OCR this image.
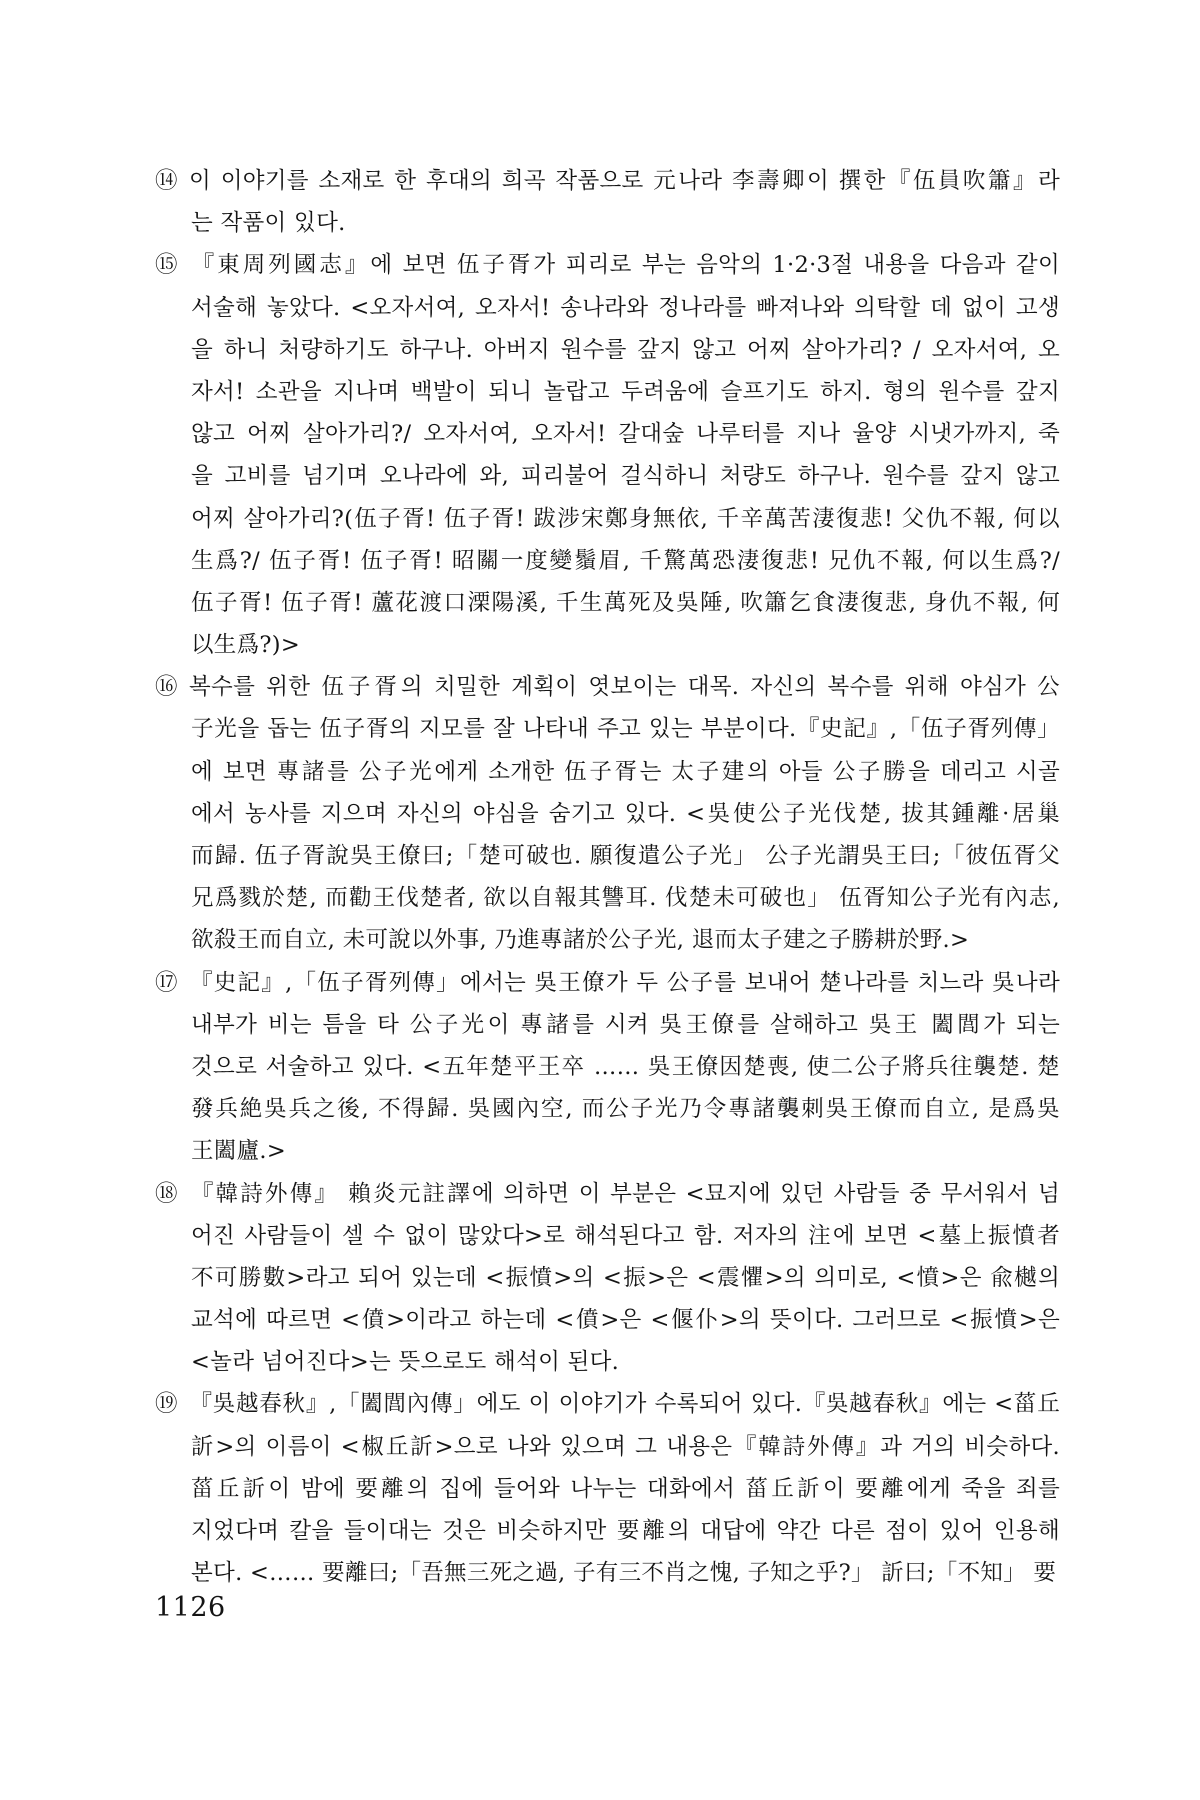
⑭ 이 이야기를 소재로 한 후대의 희곡 작품으로 元나라 李壽卿이 撰한『伍員吹簫』라
는 작품이 있다.
⑮ 『東周列國志』에 보면 伍子胥가 피리로 부는 음악의 1·2·3절 내용을 다음과 같이
서술해 놓았다. <오자서여, 오자서! 송나라와 정나라를 빠져나와 의탁할 데 없이 고생
을 하니 처량하기도 하구나. 아버지 원수를 갚지 않고 어찌 살아가리? / 오자서여, 오
자서! 소관을 지나며 백발이 되니 놀랍고 두려움에 슬프기도 하지. 형의 원수를 갚지
않고 어찌 살아가리?/ 오자서여, 오자서! 갈대숲 나루터를 지나 율양 시냇가까지, 죽
을 고비를 넘기며 오나라에 와, 피리불어 걸식하니 처량도 하구나. 원수를 갚지 않고
어찌 살아가리?(伍子胥! 伍子胥! 跋涉宋鄭身無依, 千辛萬苦淒復悲! 父仇不報, 何以
生爲?/ 伍子胥! 伍子胥! 昭關一度變鬚眉, 千驚萬恐淒復悲! 兄仇不報, 何以生爲?/
伍子胥! 伍子胥! 蘆花渡口溧陽溪, 千生萬死及吳陲, 吹簫乞食淒復悲, 身仇不報, 何
以生爲?)>
⑯ 복수를 위한 伍子胥의 치밀한 계획이 엿보이는 대목. 자신의 복수를 위해 야심가 公
子光을 돕는 伍子胥의 지모를 잘 나타내 주고 있는 부분이다.『史記』,「伍子胥列傳」
에 보면 專諸를 公子光에게 소개한 伍子胥는 太子建의 아들 公子勝을 데리고 시골
에서 농사를 지으며 자신의 야심을 숨기고 있다. <吳使公子光伐楚, 拔其鍾離·居巢
而歸. 伍子胥說吳王僚曰;「楚可破也. 願復遣公子光」 公子光謂吳王曰;「彼伍胥父
兄爲戮於楚, 而勸王伐楚者, 欲以自報其讐耳. 伐楚未可破也」 伍胥知公子光有內志,
欲殺王而自立, 未可說以外事, 乃進專諸於公子光, 退而太子建之子勝耕於野.>
⑰ 『史記』,「伍子胥列傳」에서는 吳王僚가 두 公子를 보내어 楚나라를 치느라 吳나라
내부가 비는 틈을 타 公子光이 專諸를 시켜 吳王僚를 살해하고 吳王 闔閭가 되는
것으로 서술하고 있다. <五年楚平王卒 …… 吳王僚因楚喪, 使二公子將兵往襲楚. 楚
發兵絶吳兵之後, 不得歸. 吳國內空, 而公子光乃令專諸襲刺吳王僚而自立, 是爲吳
王闔廬.>
⑱ 『韓詩外傳』 賴炎元註譯에 의하면 이 부분은 <묘지에 있던 사람들 중 무서워서 넘
어진 사람들이 셀 수 없이 많았다>로 해석된다고 함. 저자의 注에 보면 <墓上振憤者
不可勝數>라고 되어 있는데 <振憤>의 <振>은 <震懼>의 의미로, <憤>은 兪樾의
교석에 따르면 <僨>이라고 하는데 <僨>은 <偃仆>의 뜻이다. 그러므로 <振憤>은
<놀라 넘어진다>는 뜻으로도 해석이 된다.
⑲ 『吳越春秋』,「闔閭內傳」에도 이 이야기가 수록되어 있다.『吳越春秋』에는 <菑丘
訢>의 이름이 <椒丘訢>으로 나와 있으며 그 내용은『韓詩外傳』과 거의 비슷하다.
菑丘訢이 밤에 要離의 집에 들어와 나누는 대화에서 菑丘訢이 要離에게 죽을 죄를
지었다며 칼을 들이대는 것은 비슷하지만 要離의 대답에 약간 다른 점이 있어 인용해
본다. <…… 要離曰;「吾無三死之過, 子有三不肖之愧, 子知之乎?」 訢曰;「不知」 要
1126
